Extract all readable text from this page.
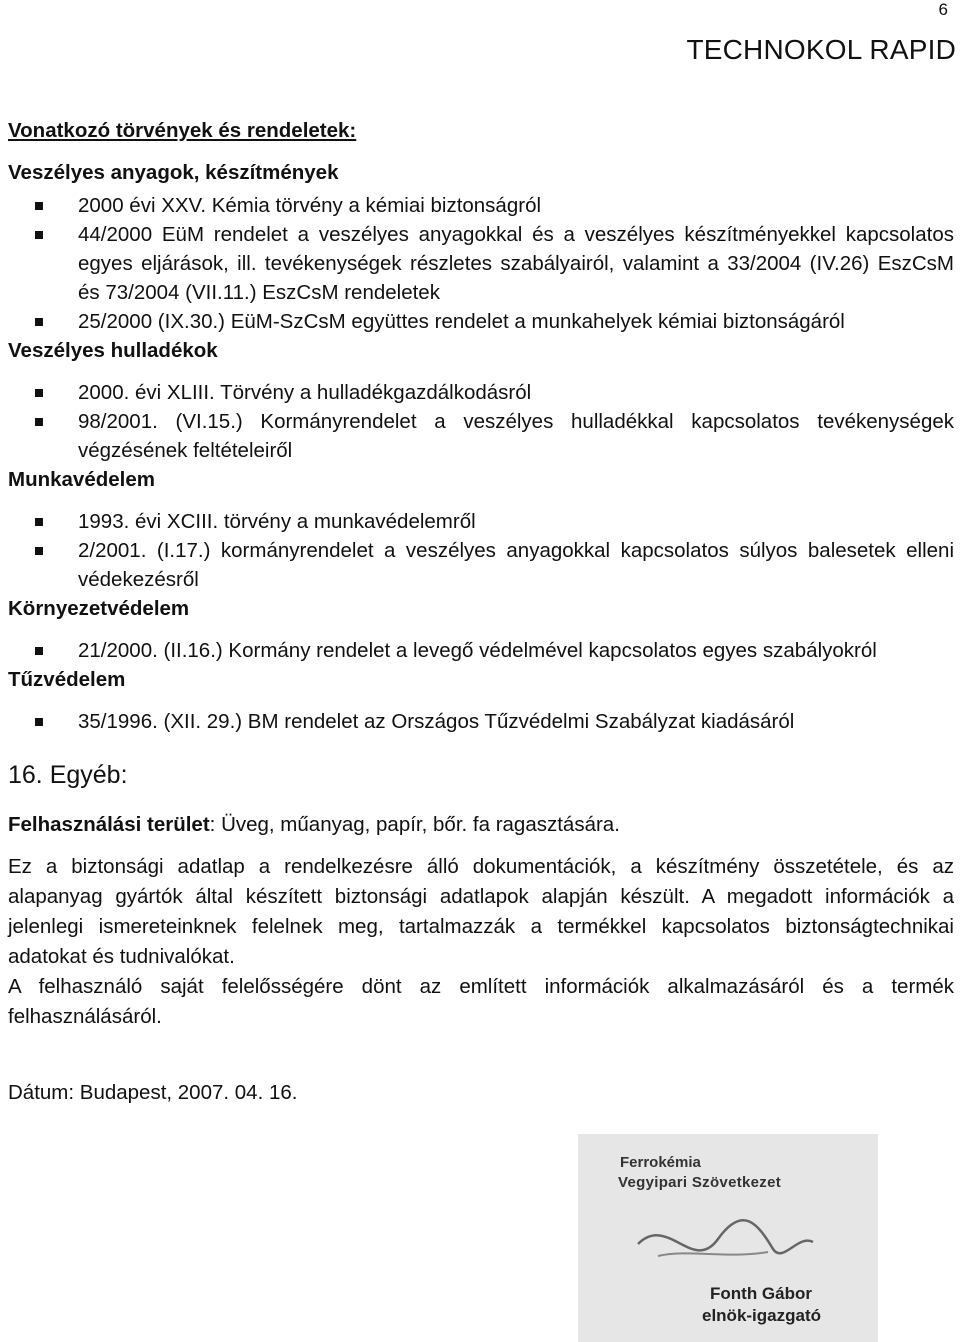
6
TECHNOKOL RAPID

Vonatkozó törvények és rendeletek:

Veszélyes anyagok, készítmények

2000 évi XXV. Kémia törvény a kémiai biztonságról
44/2000 EüM rendelet a veszélyes anyagokkal és a veszélyes készítményekkel kapcsolatos egyes eljárások, ill. tevékenységek részletes szabályairól, valamint a 33/2004 (IV.26) EszCsM és 73/2004 (VII.11.) EszCsM rendeletek
25/2000 (IX.30.) EüM-SzCsM együttes rendelet a munkahelyek kémiai biztonságáról

Veszélyes hulladékok

2000. évi XLIII. Törvény a hulladékgazdálkodásról
98/2001. (VI.15.) Kormányrendelet a veszélyes hulladékkal kapcsolatos tevékenységek végzésének feltételeiről

Munkavédelem

1993. évi XCIII. törvény a munkavédelemről
2/2001. (I.17.) kormányrendelet a veszélyes anyagokkal kapcsolatos súlyos balesetek elleni védekezésről

Környezetvédelem

21/2000. (II.16.) Kormány rendelet a levegő védelmével kapcsolatos egyes szabályokról

Tűzvédelem

35/1996. (XII. 29.) BM rendelet az Országos Tűzvédelmi Szabályzat kiadásáról

16. Egyéb:

Felhasználási terület: Üveg, műanyag, papír, bőr. fa ragasztására.

Ez a biztonsági adatlap a rendelkezésre álló dokumentációk, a készítmény összetétele, és az alapanyag gyártók által készített biztonsági adatlapok alapján készült. A megadott információk a jelenlegi ismereteinknek felelnek meg, tartalmazzák a termékkel kapcsolatos biztonságtechnikai adatokat és tudnivalókat.

A felhasználó saját felelősségére dönt az említett információk alkalmazásáról és a termék felhasználásáról.

Dátum: Budapest, 2007. 04. 16.

Ferrokémia
Vegyipari Szövetkezet
Fonth Gábor
elnök-igazgató
